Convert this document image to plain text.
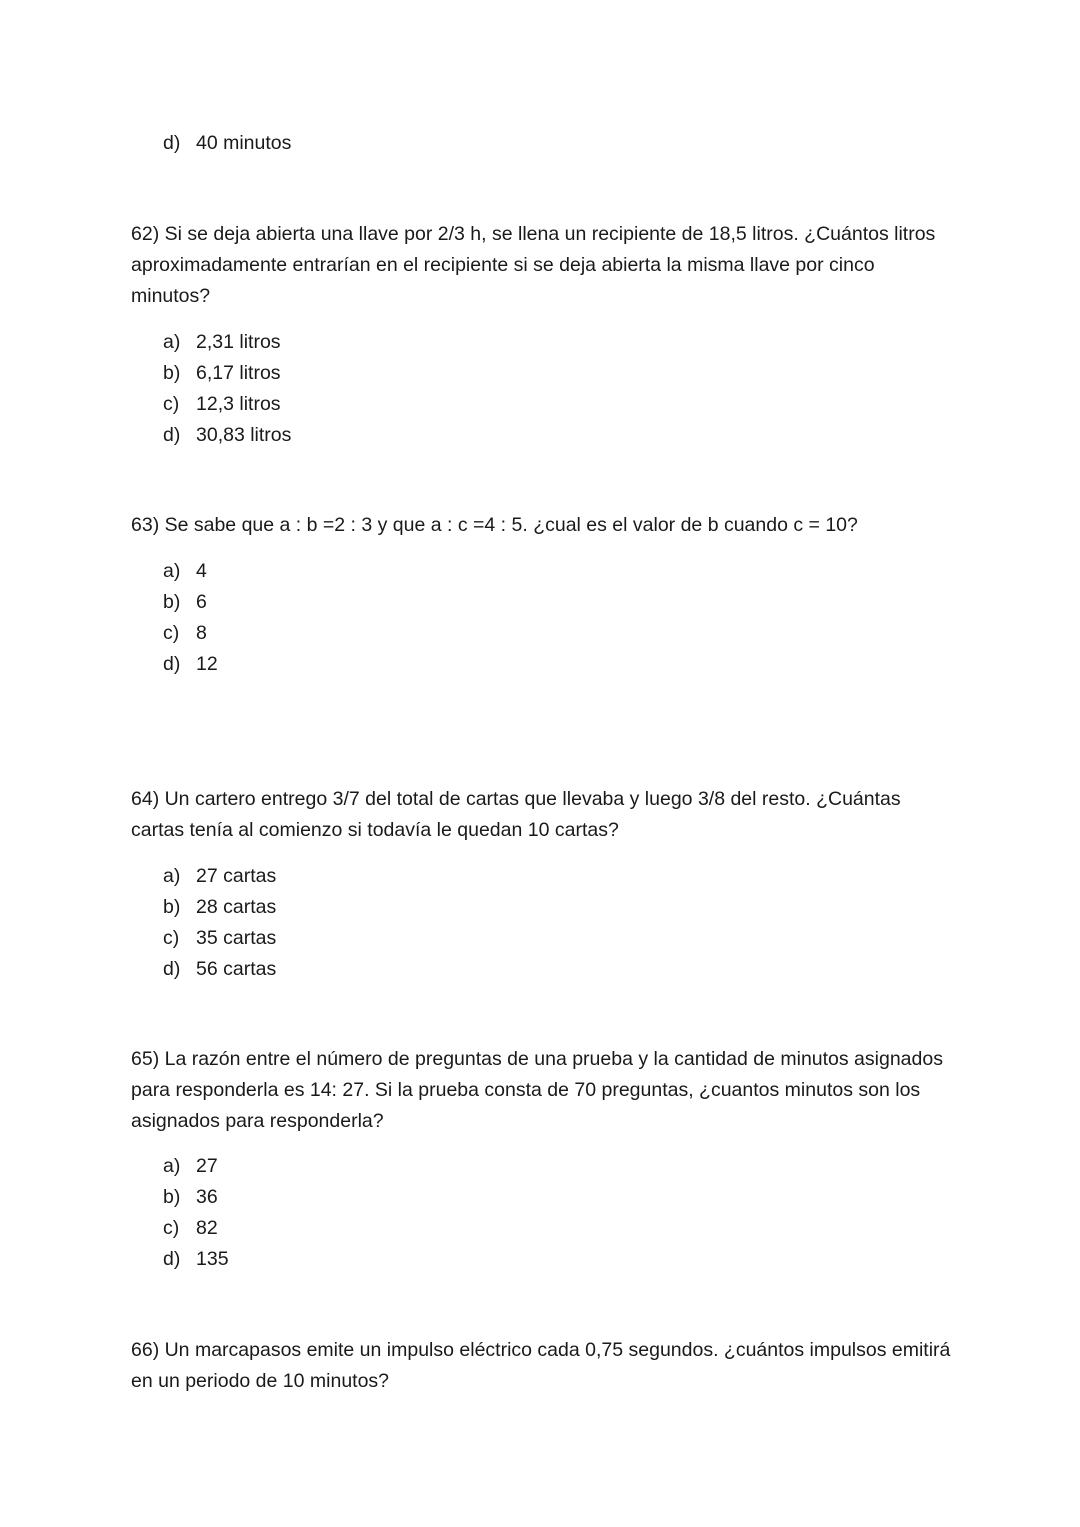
d) 40 minutos

62) Si se deja abierta una llave por 2/3 h, se llena un recipiente de 18,5 litros. ¿Cuántos litros aproximadamente entrarían en el recipiente si se deja abierta la misma llave por cinco minutos?

a) 2,31 litros
b) 6,17 litros
c) 12,3 litros
d) 30,83 litros

63) Se sabe que a : b =2 : 3 y que a : c =4 : 5. ¿cual es el valor de b cuando c = 10?

a) 4
b) 6
c) 8
d) 12

64) Un cartero entrego 3/7 del total de cartas que llevaba y luego 3/8 del resto. ¿Cuántas cartas tenía al comienzo si todavía le quedan 10 cartas?

a) 27 cartas
b) 28 cartas
c) 35 cartas
d) 56 cartas

65) La razón entre el número de preguntas de una prueba y la cantidad de minutos asignados para responderla es 14: 27. Si la prueba consta de 70 preguntas, ¿cuantos minutos son los asignados para responderla?

a) 27
b) 36
c) 82
d) 135

66) Un marcapasos emite un impulso eléctrico cada 0,75 segundos. ¿cuántos impulsos emitirá en un periodo de 10 minutos?
